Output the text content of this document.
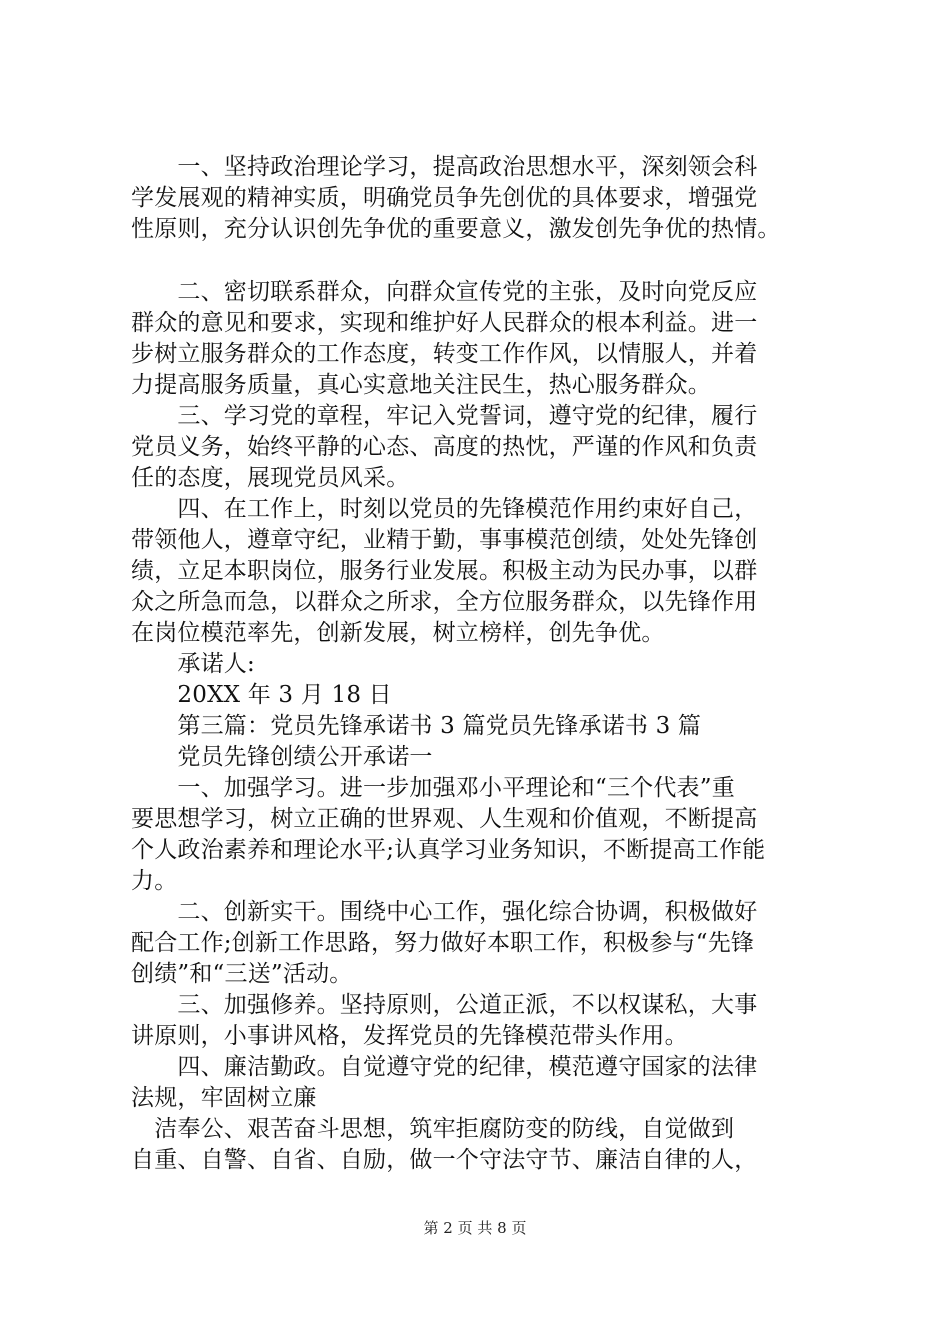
　　一、坚持政治理论学习，提高政治思想水平，深刻领会科
学发展观的精神实质，明确党员争先创优的具体要求，增强党
性原则，充分认识创先争优的重要意义，激发创先争优的热情。
　　二、密切联系群众，向群众宣传党的主张，及时向党反应
群众的意见和要求，实现和维护好人民群众的根本利益。进一
步树立服务群众的工作态度，转变工作作风，以情服人，并着
力提高服务质量，真心实意地关注民生，热心服务群众。
　　三、学习党的章程，牢记入党誓词，遵守党的纪律，履行
党员义务，始终平静的心态、高度的热忱，严谨的作风和负责
任的态度，展现党员风采。
　　四、在工作上，时刻以党员的先锋模范作用约束好自己，
带领他人，遵章守纪，业精于勤，事事模范创绩，处处先锋创
绩，立足本职岗位，服务行业发展。积极主动为民办事，以群
众之所急而急，以群众之所求，全方位服务群众，以先锋作用
在岗位模范率先，创新发展，树立榜样，创先争优。
　　承诺人:
　　20XX 年 3 月 18 日
　　第三篇：党员先锋承诺书 3 篇党员先锋承诺书 3 篇
　　党员先锋创绩公开承诺一
　　一、加强学习。进一步加强邓小平理论和“三个代表”重
要思想学习，树立正确的世界观、人生观和价值观，不断提高
个人政治素养和理论水平;认真学习业务知识，不断提高工作能
力。
　　二、创新实干。围绕中心工作，强化综合协调，积极做好
配合工作;创新工作思路，努力做好本职工作，积极参与“先锋
创绩”和“三送”活动。
　　三、加强修养。坚持原则，公道正派，不以权谋私，大事
讲原则，小事讲风格，发挥党员的先锋模范带头作用。
　　四、廉洁勤政。自觉遵守党的纪律，模范遵守国家的法律
法规，牢固树立廉
　洁奉公、艰苦奋斗思想，筑牢拒腐防变的防线，自觉做到
自重、自警、自省、自励，做一个守法守节、廉洁自律的人，
第 2 页 共 8 页
